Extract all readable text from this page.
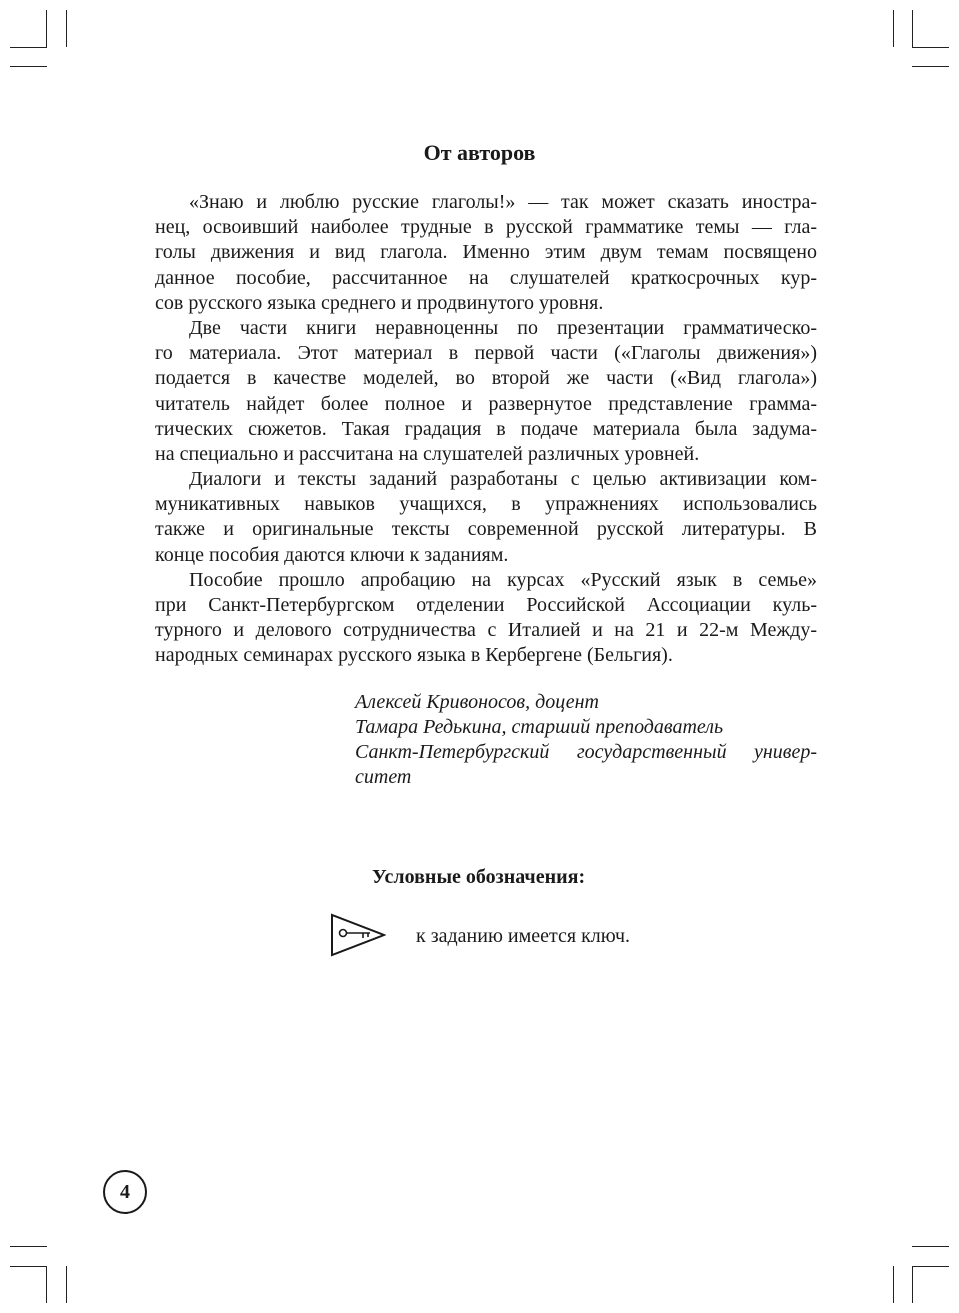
От авторов
«Знаю и люблю русские глаголы!» — так может сказать иностра-
нец, освоивший наиболее трудные в русской грамматике темы — гла-
голы движения и вид глагола. Именно этим двум темам посвящено
данное пособие, рассчитанное на слушателей краткосрочных кур-
сов русского языка среднего и продвинутого уровня.
Две части книги неравноценны по презентации грамматическо-
го материала. Этот материал в первой части («Глаголы движения»)
подается в качестве моделей, во второй же части («Вид глагола»)
читатель найдет более полное и развернутое представление грамма-
тических сюжетов. Такая градация в подаче материала была задума-
на специально и рассчитана на слушателей различных уровней.
Диалоги и тексты заданий разработаны с целью активизации ком-
муникативных навыков учащихся, в упражнениях использовались
также и оригинальные тексты современной русской литературы. В
конце пособия даются ключи к заданиям.
Пособие прошло апробацию на курсах «Русский язык в семье»
при Санкт-Петербургском отделении Российской Ассоциации куль-
турного и делового сотрудничества с Италией и на 21 и 22-м Между-
народных семинарах русского языка в Кербергене (Бельгия).
Алексей Кривоносов, доцент
Тамара Редькина, старший преподаватель
Санкт-Петербургский государственный универ-
ситет
Условные обозначения:
к заданию имеется ключ.
4
